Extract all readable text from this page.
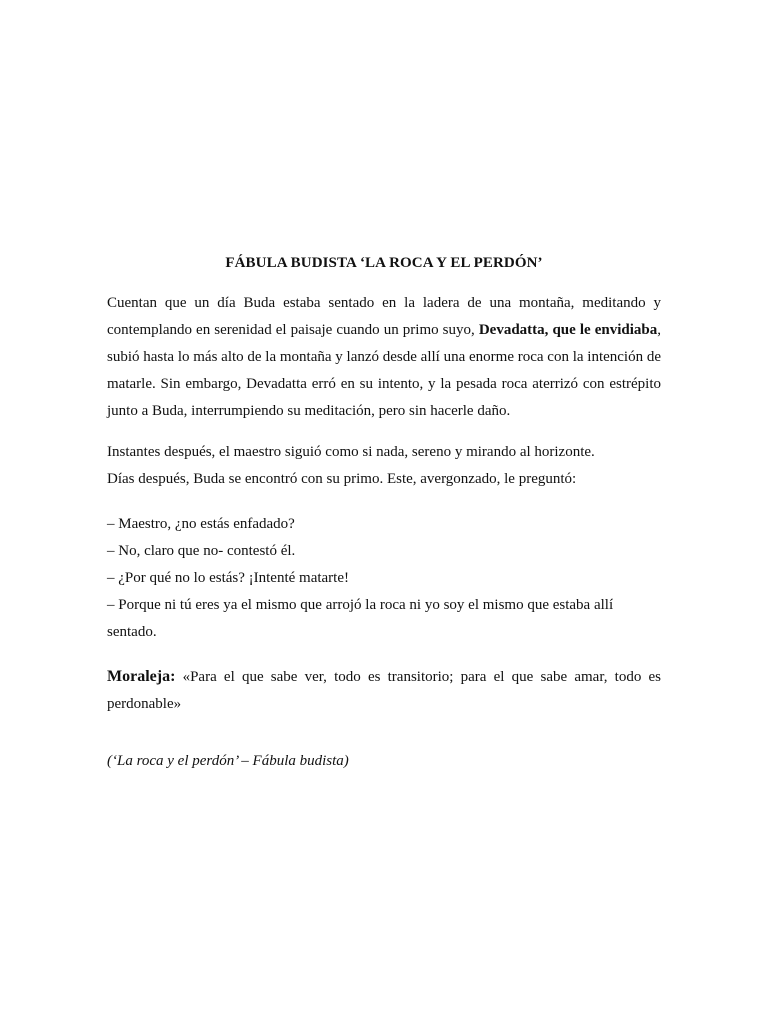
FÁBULA BUDISTA ‘LA ROCA Y EL PERDÓN’

Cuentan que un día Buda estaba sentado en la ladera de una montaña, meditando y contemplando en serenidad el paisaje cuando un primo suyo, Devadatta, que le envidiaba, subió hasta lo más alto de la montaña y lanzó desde allí una enorme roca con la intención de matarle. Sin embargo, Devadatta erró en su intento, y la pesada roca aterrizó con estrépito junto a Buda, interrumpiendo su meditación, pero sin hacerle daño.

Instantes después, el maestro siguió como si nada, sereno y mirando al horizonte.

Días después, Buda se encontró con su primo. Este, avergonzado, le preguntó:

– Maestro, ¿no estás enfadado?

– No, claro que no- contestó él.

– ¿Por qué no lo estás? ¡Intenté matarte!

– Porque ni tú eres ya el mismo que arrojó la roca ni yo soy el mismo que estaba allí sentado.

Moraleja: «Para el que sabe ver, todo es transitorio; para el que sabe amar, todo es perdonable»

(‘La roca y el perdón’ – Fábula budista)
